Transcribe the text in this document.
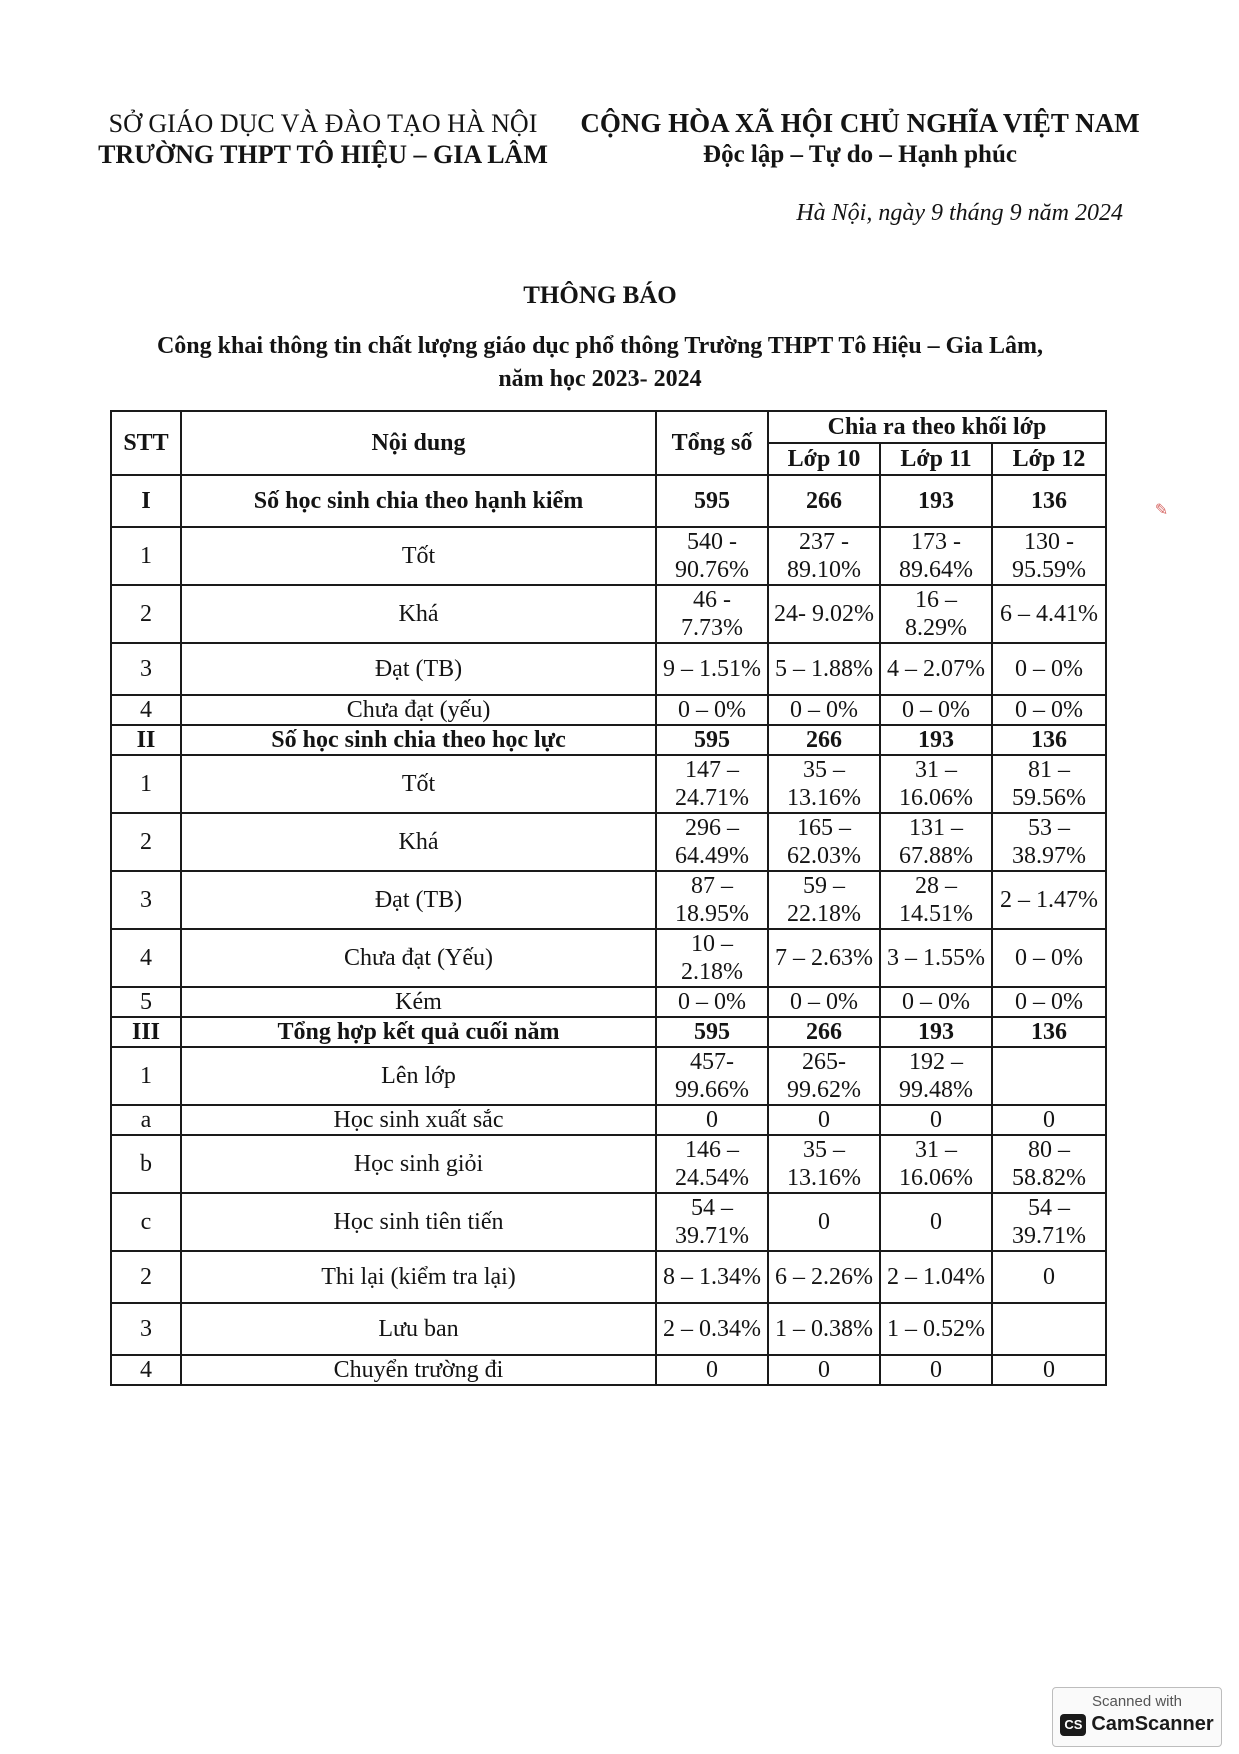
SỞ GIÁO DỤC VÀ ĐÀO TẠO HÀ NỘI
TRƯỜNG THPT TÔ HIỆU – GIA LÂM
CỘNG HÒA XÃ HỘI CHỦ NGHĨA VIỆT NAM
Độc lập – Tự do – Hạnh phúc
Hà Nội, ngày 9 tháng 9 năm 2024
THÔNG BÁO
Công khai thông tin chất lượng giáo dục phổ thông Trường THPT Tô Hiệu – Gia Lâm,
năm học 2023- 2024
STT	Nội dung	Tổng số	Chia ra theo khối lớp		
			Lớp 10	Lớp 11	Lớp 12
I	Số học sinh chia theo hạnh kiểm	595	266	193	136
1	Tốt	540 - 90.76%	237 - 89.10%	173 - 89.64%	130 - 95.59%
2	Khá	46 - 7.73%	24- 9.02%	16 – 8.29%	6 – 4.41%
3	Đạt (TB)	9 – 1.51%	5 – 1.88%	4 – 2.07%	0 – 0%
4	Chưa đạt (yếu)	0 – 0%	0 – 0%	0 – 0%	0 – 0%
II	Số học sinh chia theo học lực	595	266	193	136
1	Tốt	147 – 24.71%	35 – 13.16%	31 – 16.06%	81 – 59.56%
2	Khá	296 – 64.49%	165 – 62.03%	131 – 67.88%	53 – 38.97%
3	Đạt (TB)	87 – 18.95%	59 – 22.18%	28 – 14.51%	2 – 1.47%
4	Chưa đạt (Yếu)	10 – 2.18%	7 – 2.63%	3 – 1.55%	0 – 0%
5	Kém	0 – 0%	0 – 0%	0 – 0%	0 – 0%
III	Tổng hợp kết quả cuối năm	595	266	193	136
1	Lên lớp	457- 99.66%	265- 99.62%	192 – 99.48%	
a	Học sinh xuất sắc	0	0	0	0
b	Học sinh giỏi	146 – 24.54%	35 – 13.16%	31 – 16.06%	80 – 58.82%
c	Học sinh tiên tiến	54 – 39.71%	0	0	54 – 39.71%
2	Thi lại (kiểm tra lại)	8 – 1.34%	6 – 2.26%	2 – 1.04%	0
3	Lưu ban	2 – 0.34%	1 – 0.38%	1 – 0.52%	
4	Chuyển trường đi	0	0	0	0
✎
Scanned with
CS CamScanner
